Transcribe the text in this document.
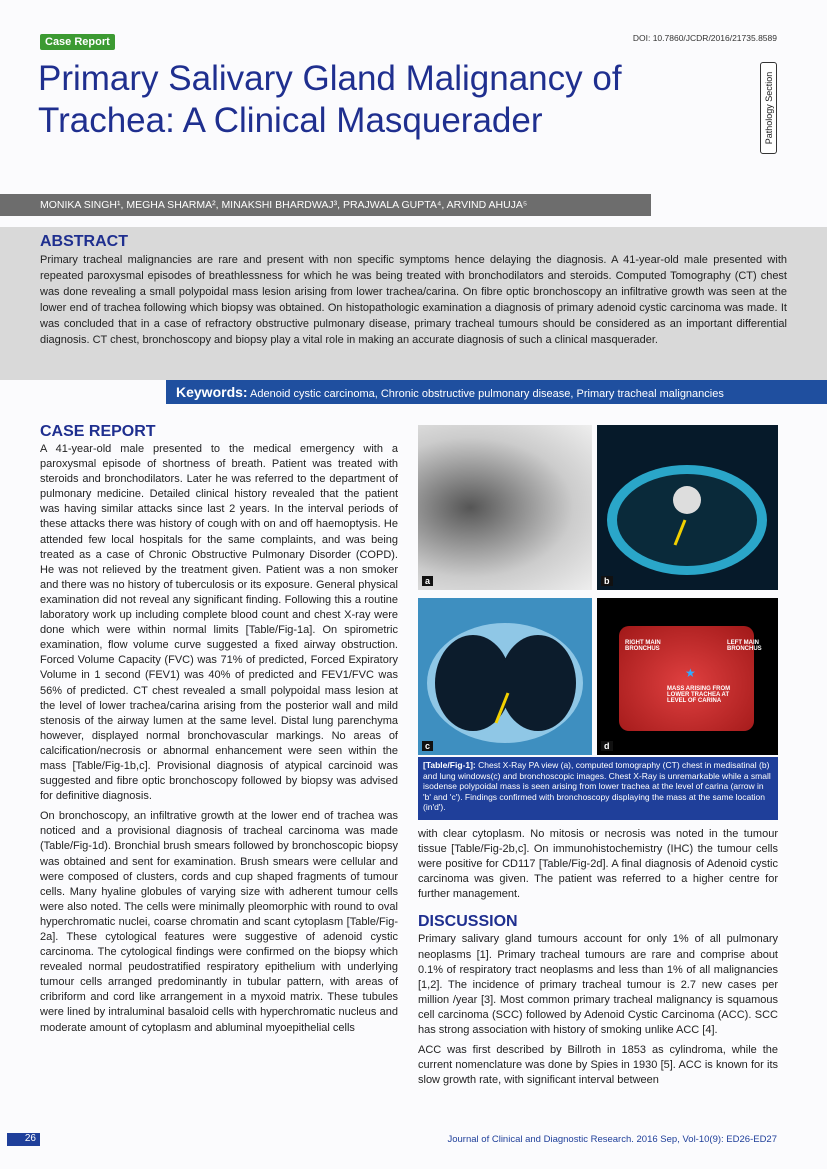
Case Report	DOI: 10.7860/JCDR/2016/21735.8589
Primary Salivary Gland Malignancy of Trachea: A Clinical Masquerader	Pathology Section
MONIKA SINGH¹, MEGHA SHARMA², MINAKSHI BHARDWAJ³, PRAJWALA GUPTA⁴, ARVIND AHUJA⁵
ABSTRACT

Primary tracheal malignancies are rare and present with non specific symptoms hence delaying the diagnosis. A 41-year-old male presented with repeated paroxysmal episodes of breathlessness for which he was being treated with bronchodilators and steroids. Computed Tomography (CT) chest was done revealing a small polypoidal mass lesion arising from lower trachea/carina. On fibre optic bronchoscopy an infiltrative growth was seen at the lower end of trachea following which biopsy was obtained. On histopathologic examination a diagnosis of primary adenoid cystic carcinoma was made. It was concluded that in a case of refractory obstructive pulmonary disease, primary tracheal tumours should be considered as an important differential diagnosis. CT chest, bronchoscopy and biopsy play a vital role in making an accurate diagnosis of such a clinical masquerader.

Keywords: Adenoid cystic carcinoma, Chronic obstructive pulmonary disease, Primary tracheal malignancies
CASE REPORT

A 41-year-old male presented to the medical emergency with a paroxysmal episode of shortness of breath. Patient was treated with steroids and bronchodilators. Later he was referred to the department of pulmonary medicine. Detailed clinical history revealed that the patient was having similar attacks since last 2 years. In the interval periods of these attacks there was history of cough with on and off haemoptysis. He attended few local hospitals for the same complaints, and was being treated as a case of Chronic Obstructive Pulmonary Disorder (COPD). He was not relieved by the treatment given. Patient was a non smoker and there was no history of tuberculosis or its exposure. General physical examination did not reveal any significant finding. Following this a routine laboratory work up including complete blood count and chest X-ray were done which were within normal limits [Table/Fig-1a]. On spirometric examination, flow volume curve suggested a fixed airway obstruction. Forced Volume Capacity (FVC) was 71% of predicted, Forced Expiratory Volume in 1 second (FEV1) was 40% of predicted and FEV1/FVC was 56% of predicted. CT chest revealed a small polypoidal mass lesion at the level of lower trachea/carina arising from the posterior wall and mild stenosis of the airway lumen at the same level. Distal lung parenchyma however, displayed normal bronchovascular markings. No areas of calcification/necrosis or abnormal enhancement were seen within the mass [Table/Fig-1b,c]. Provisional diagnosis of atypical carcinoid was suggested and fibre optic bronchoscopy followed by biopsy was advised for definitive diagnosis.

On bronchoscopy, an infiltrative growth at the lower end of trachea was noticed and a provisional diagnosis of tracheal carcinoma was made (Table/Fig-1d). Bronchial brush smears followed by bronchoscopic biopsy was obtained and sent for examination. Brush smears were cellular and were composed of clusters, cords and cup shaped fragments of tumour cells. Many hyaline globules of varying size with adherent tumour cells were also noted. The cells were minimally pleomorphic with round to oval hyperchromatic nuclei, coarse chromatin and scant cytoplasm [Table/Fig-2a]. These cytological features were suggestive of adenoid cystic carcinoma. The cytological findings were confirmed on the biopsy which revealed normal peudostratified respiratory epithelium with underlying tumour cells arranged predominantly in tubular pattern, with areas of cribriform and cord like arrangement in a myxoid matrix. These tubules were lined by intraluminal basaloid cells with hyperchromatic nucleus and moderate amount of cytoplasm and abluminal myoepithelial cells

a	b
c
RIGHT MAIN BRONCHUS
LEFT MAIN BRONCHUS
MASS ARISING FROM LOWER TRACHEA AT LEVEL OF CARINA
★
d
[Table/Fig-1]: Chest X-Ray PA view (a), computed tomography (CT) chest in medisatinal (b) and lung windows(c) and bronchoscopic images. Chest X-Ray is unremarkable while a small isodense polypoidal mass is seen arising from lower trachea at the level of carina (arrow in 'b' and 'c'). Findings confirmed with bronchoscopy displaying the mass at the same location (in'd').

with clear cytoplasm. No mitosis or necrosis was noted in the tumour tissue [Table/Fig-2b,c]. On immunohistochemistry (IHC) the tumour cells were positive for CD117 [Table/Fig-2d]. A final diagnosis of Adenoid cystic carcinoma was given. The patient was referred to a higher centre for further management.

DISCUSSION

Primary salivary gland tumours account for only 1% of all pulmonary neoplasms [1]. Primary tracheal tumours are rare and comprise about 0.1% of respiratory tract neoplasms and less than 1% of all malignancies [1,2]. The incidence of primary tracheal tumour is 2.7 new cases per million /year [3]. Most common primary tracheal malignancy is squamous cell carcinoma (SCC) followed by Adenoid Cystic Carcinoma (ACC). SCC has strong association with history of smoking unlike ACC [4].

ACC was first described by Billroth in 1853 as cylindroma, while the current nomenclature was done by Spies in 1930 [5]. ACC is known for its slow growth rate, with significant interval between

26	Journal of Clinical and Diagnostic Research. 2016 Sep, Vol-10(9): ED26-ED27
